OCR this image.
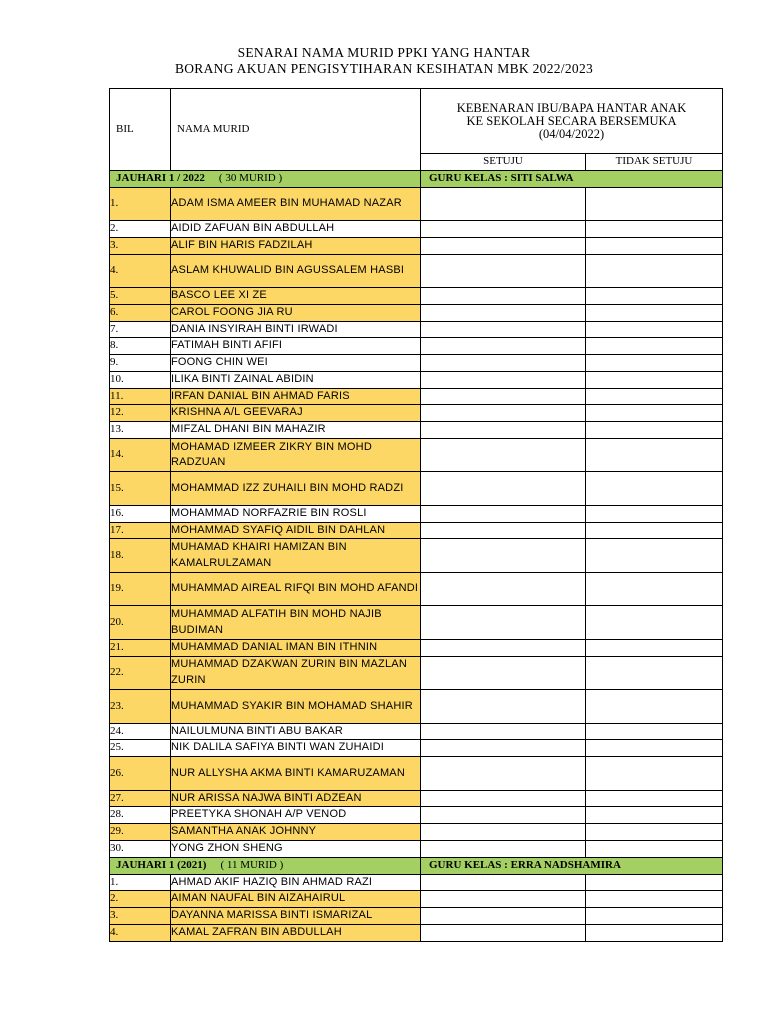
SENARAI NAMA MURID PPKI YANG HANTAR
BORANG AKUAN PENGISYTIHARAN KESIHATAN MBK 2022/2023
BIL	NAMA MURID	KEBENARAN IBU/BAPA HANTAR ANAK
KE SEKOLAH SECARA BERSEMUKA
(04/04/2022)	

		SETUJU	TIDAK SETUJU
JAUHARI 1 / 2022 ( 30 MURID )		GURU KELAS : SITI SALWA	
1.	ADAM ISMA AMEER BIN MUHAMAD NAZAR		
2.	AIDID ZAFUAN BIN ABDULLAH		
3.	ALIF BIN HARIS FADZILAH		
4.	ASLAM KHUWALID BIN AGUSSALEM HASBI		
5.	BASCO LEE XI ZE		
6.	CAROL FOONG JIA RU		
7.	DANIA INSYIRAH BINTI IRWADI		
8.	FATIMAH BINTI AFIFI		
9.	FOONG CHIN WEI		
10.	ILIKA BINTI ZAINAL ABIDIN		
11.	IRFAN DANIAL BIN AHMAD FARIS		
12.	KRISHNA A/L GEEVARAJ		
13.	MIFZAL DHANI BIN MAHAZIR		
14.	MOHAMAD IZMEER ZIKRY BIN MOHD RADZUAN		
15.	MOHAMMAD IZZ ZUHAILI BIN MOHD RADZI		
16.	MOHAMMAD NORFAZRIE BIN ROSLI		
17.	MOHAMMAD SYAFIQ AIDIL BIN DAHLAN		
18.	MUHAMAD KHAIRI HAMIZAN BIN KAMALRULZAMAN		
19.	MUHAMMAD AIREAL RIFQI BIN MOHD AFANDI		
20.	MUHAMMAD ALFATIH BIN MOHD NAJIB BUDIMAN		
21.	MUHAMMAD DANIAL IMAN BIN ITHNIN		
22.	MUHAMMAD DZAKWAN ZURIN BIN MAZLAN ZURIN		
23.	MUHAMMAD SYAKIR BIN MOHAMAD SHAHIR		
24.	NAILULMUNA BINTI ABU BAKAR		
25.	NIK DALILA SAFIYA BINTI WAN ZUHAIDI		
26.	NUR ALLYSHA AKMA BINTI KAMARUZAMAN		
27.	NUR ARISSA NAJWA BINTI ADZEAN		
28.	PREETYKA SHONAH A/P VENOD		
29.	SAMANTHA ANAK JOHNNY		
30.	YONG ZHON SHENG		
JAUHARI 1 (2021) ( 11 MURID )		GURU KELAS : ERRA NADSHAMIRA	
1.	AHMAD AKIF HAZIQ BIN AHMAD RAZI		
2.	AIMAN NAUFAL BIN AIZAHAIRUL		
3.	DAYANNA MARISSA BINTI ISMARIZAL		
4.	KAMAL ZAFRAN BIN ABDULLAH		
